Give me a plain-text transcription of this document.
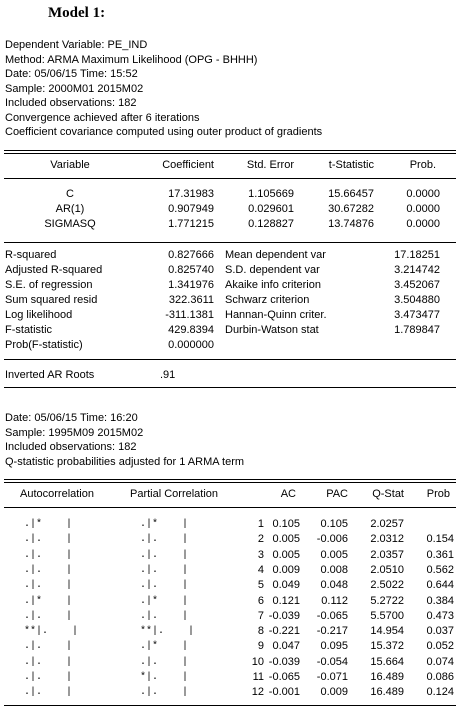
Model 1:
Dependent Variable: PE_IND
Method: ARMA Maximum Likelihood (OPG - BHHH)
Date: 05/06/15 Time: 15:52
Sample: 2000M01 2015M02
Included observations: 182
Convergence achieved after 6 iterations
Coefficient covariance computed using outer product of gradients
Variable	Coefficient	Std. Error	t-Statistic	Prob.
C	17.31983	1.105669	15.66457	0.0000
AR(1)	0.907949	0.029601	30.67282	0.0000
SIGMASQ	1.771215	0.128827	13.74876	0.0000
R-squared	0.827666 Mean dependent var	17.18251
Adjusted R-squared	0.825740 S.D. dependent var	3.214742
S.E. of regression	1.341976 Akaike info criterion	3.452067
Sum squared resid	322.3611 Schwarz criterion	3.504880
Log likelihood	-311.1381 Hannan-Quinn criter.	3.473477
F-statistic	429.8394 Durbin-Watson stat	1.789847
Prob(F-statistic)	0.000000
Inverted AR Roots	.91
Date: 05/06/15 Time: 16:20
Sample: 1995M09 2015M02
Included observations: 182
Q-statistic probabilities adjusted for 1 ARMA term
Autocorrelation	Partial Correlation	AC	PAC	Q-Stat	Prob
.|*    |	.|*    |	1 0.105	0.105	2.0257
.|.    |	.|.    |	2 0.005	-0.006	2.0312	0.154
.|.    |	.|.    |	3 0.005	0.005	2.0357	0.361
.|.    |	.|.    |	4 0.009	0.008	2.0510	0.562
.|.    |	.|.    |	5 0.049	0.048	2.5022	0.644
.|*    |	.|*    |	6 0.121	0.112	5.2722	0.384
.|.    |	.|.    |	7 -0.039	-0.065	5.5700	0.473
**|.    |	**|.    |	8 -0.221	-0.217	14.954	0.037
.|.    |	.|*    |	9 0.047	0.095	15.372	0.052
.|.    |	.|.    |	10 -0.039	-0.054	15.664	0.074
.|.    |	*|.    |	11 -0.065	-0.071	16.489	0.086
.|.    |	.|.    |	12 -0.001	0.009	16.489	0.124
